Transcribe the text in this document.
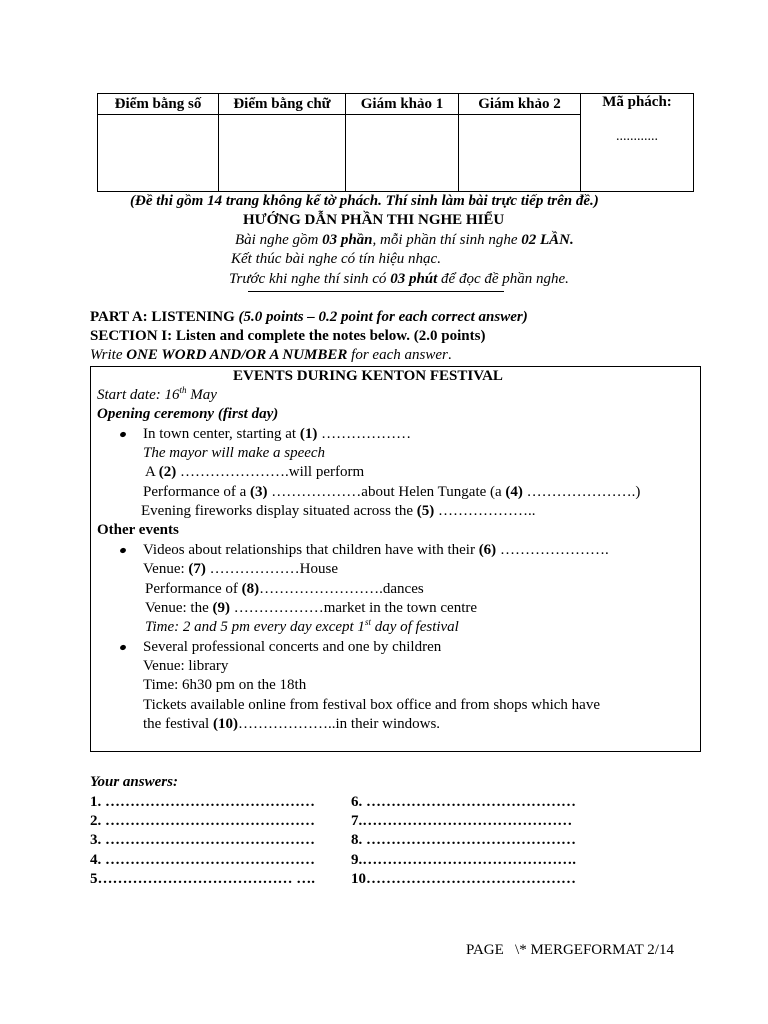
Điểm bằng số	Điểm bằng chữ	Giám khảo 1	Giám khảo 2	Mã phách:

				............
(Đề thi gồm 14 trang không kể tờ phách. Thí sinh làm bài trực tiếp trên đề.)
HƯỚNG DẪN PHẦN THI NGHE HIỂU
Bài nghe gồm 03 phần, mỗi phần thí sinh nghe 02 LẦN.
Kết thúc bài nghe có tín hiệu nhạc.
Trước khi nghe thí sinh có 03 phút để đọc đề phần nghe.
PART A: LISTENING (5.0 points – 0.2 point for each correct answer)
SECTION I: Listen and complete the notes below. (2.0 points)
Write ONE WORD AND/OR A NUMBER for each answer.
EVENTS DURING KENTON FESTIVAL
Start date: 16th May
Opening ceremony (first day)
In town center, starting at (1) ………………
The mayor will make a speech
A (2) ………………….will perform
Performance of a (3) ………………about Helen Tungate (a (4) ………………….)
Evening fireworks display situated across the (5) ………………..
Other events
Videos about relationships that children have with their (6) ………………….
Venue: (7) ………………House
Performance of (8)…………………….dances
Venue: the (9) ………………market in the town centre
Time: 2 and 5 pm every day except 1st day of festival
Several professional concerts and one by children
Venue: library
Time: 6h30 pm on the 18th
Tickets available online from festival box office and from shops which have
the festival (10)………………..in their windows.
Your answers:
1. ……………………………………
2. ……………………………………
3. ……………………………………
4. ……………………………………
5………………………………… ….
6. ……………………………………
7.……………………………………
8. ……………………………………
9.…………………………………….
10……………………………………
PAGE   \* MERGEFORMAT 2/14
